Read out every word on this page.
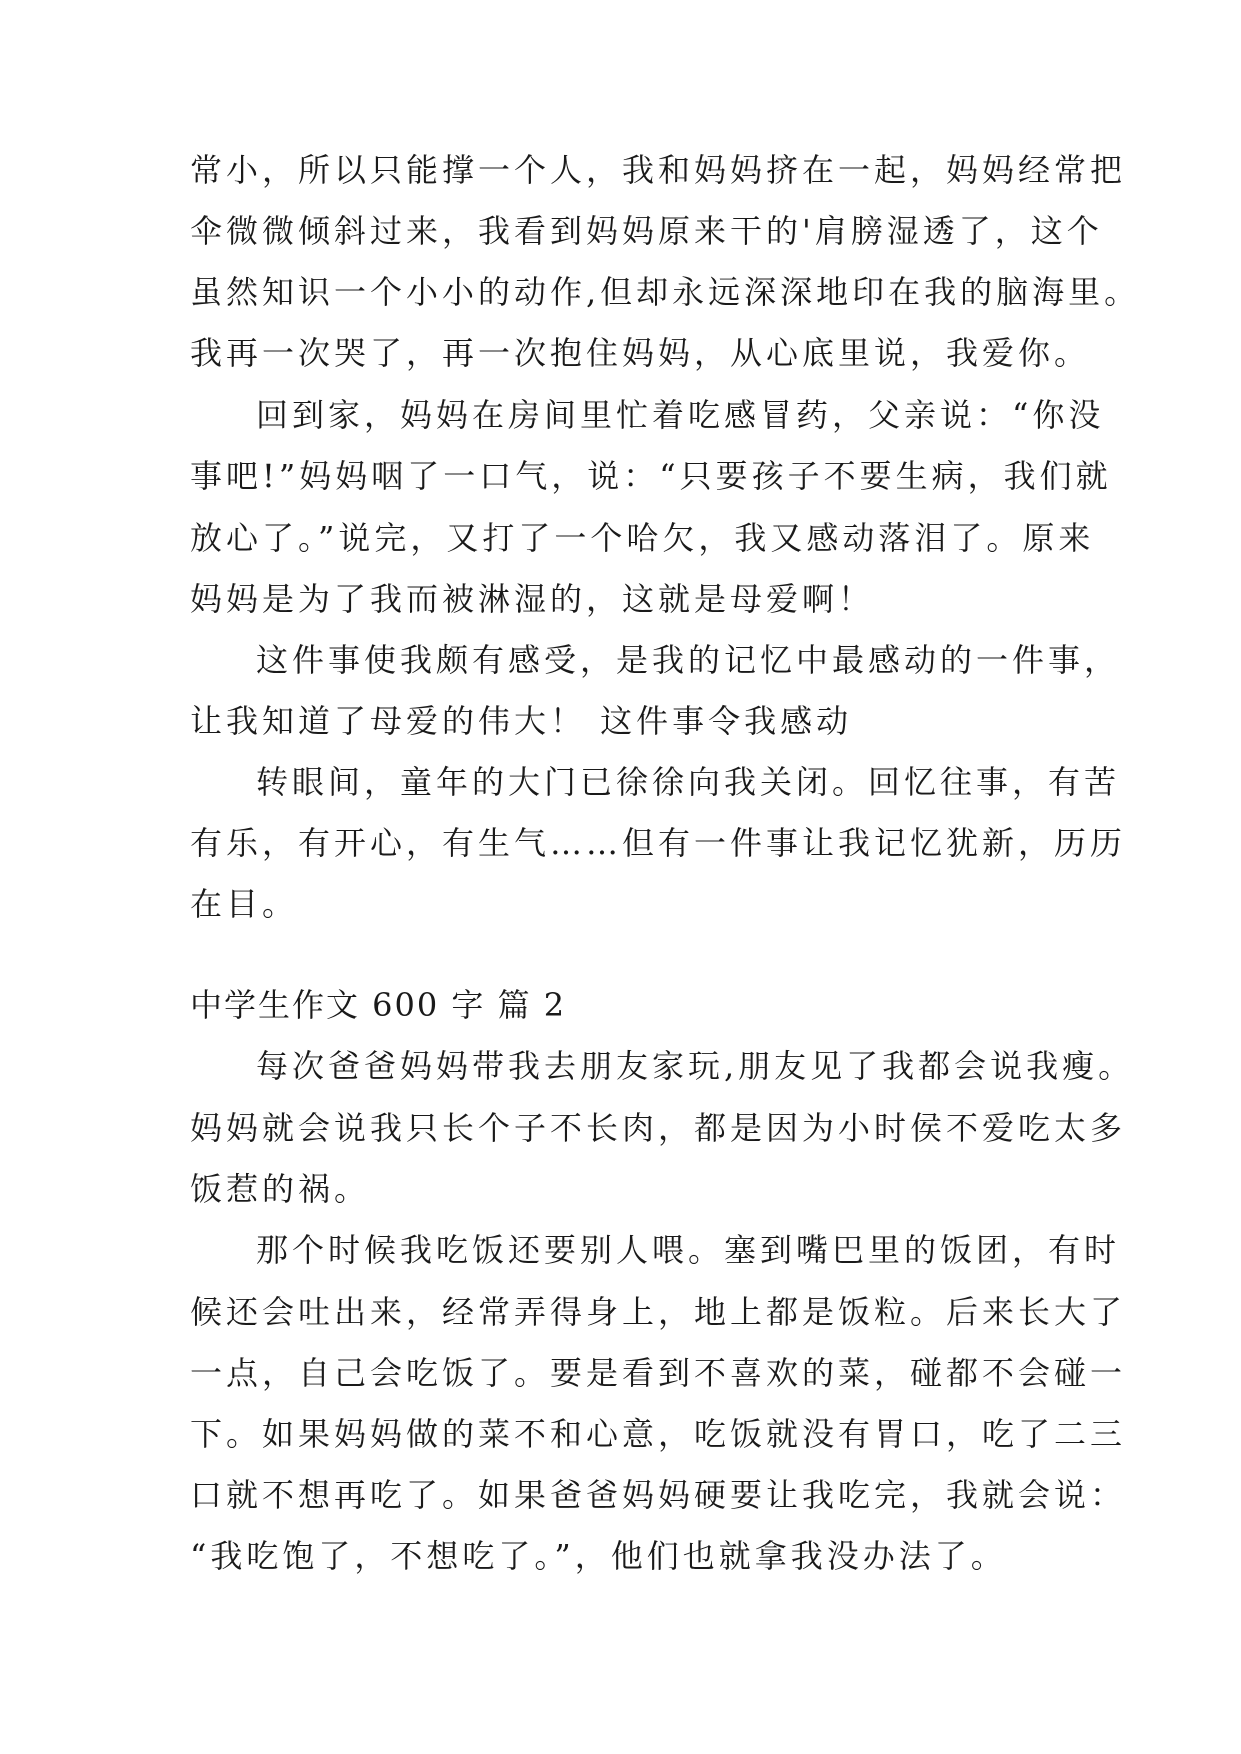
常小，所以只能撑一个人，我和妈妈挤在一起，妈妈经常把
伞微微倾斜过来，我看到妈妈原来干的'肩膀湿透了，这个
虽然知识一个小小的动作,但却永远深深地印在我的脑海里。
我再一次哭了，再一次抱住妈妈，从心底里说，我爱你。
回到家，妈妈在房间里忙着吃感冒药，父亲说：“你没
事吧!”妈妈咽了一口气，说：“只要孩子不要生病，我们就
放心了。”说完，又打了一个哈欠，我又感动落泪了。原来
妈妈是为了我而被淋湿的，这就是母爱啊！
这件事使我颇有感受，是我的记忆中最感动的一件事，
让我知道了母爱的伟大！ 这件事令我感动
转眼间，童年的大门已徐徐向我关闭。回忆往事，有苦
有乐，有开心，有生气……但有一件事让我记忆犹新，历历
在目。
中学生作文 600 字 篇 2
每次爸爸妈妈带我去朋友家玩,朋友见了我都会说我瘦。
妈妈就会说我只长个子不长肉，都是因为小时侯不爱吃太多
饭惹的祸。
那个时候我吃饭还要别人喂。塞到嘴巴里的饭团，有时
候还会吐出来，经常弄得身上，地上都是饭粒。后来长大了
一点，自己会吃饭了。要是看到不喜欢的菜，碰都不会碰一
下。如果妈妈做的菜不和心意，吃饭就没有胃口，吃了二三
口就不想再吃了。如果爸爸妈妈硬要让我吃完，我就会说：
“我吃饱了，不想吃了。”，他们也就拿我没办法了。
